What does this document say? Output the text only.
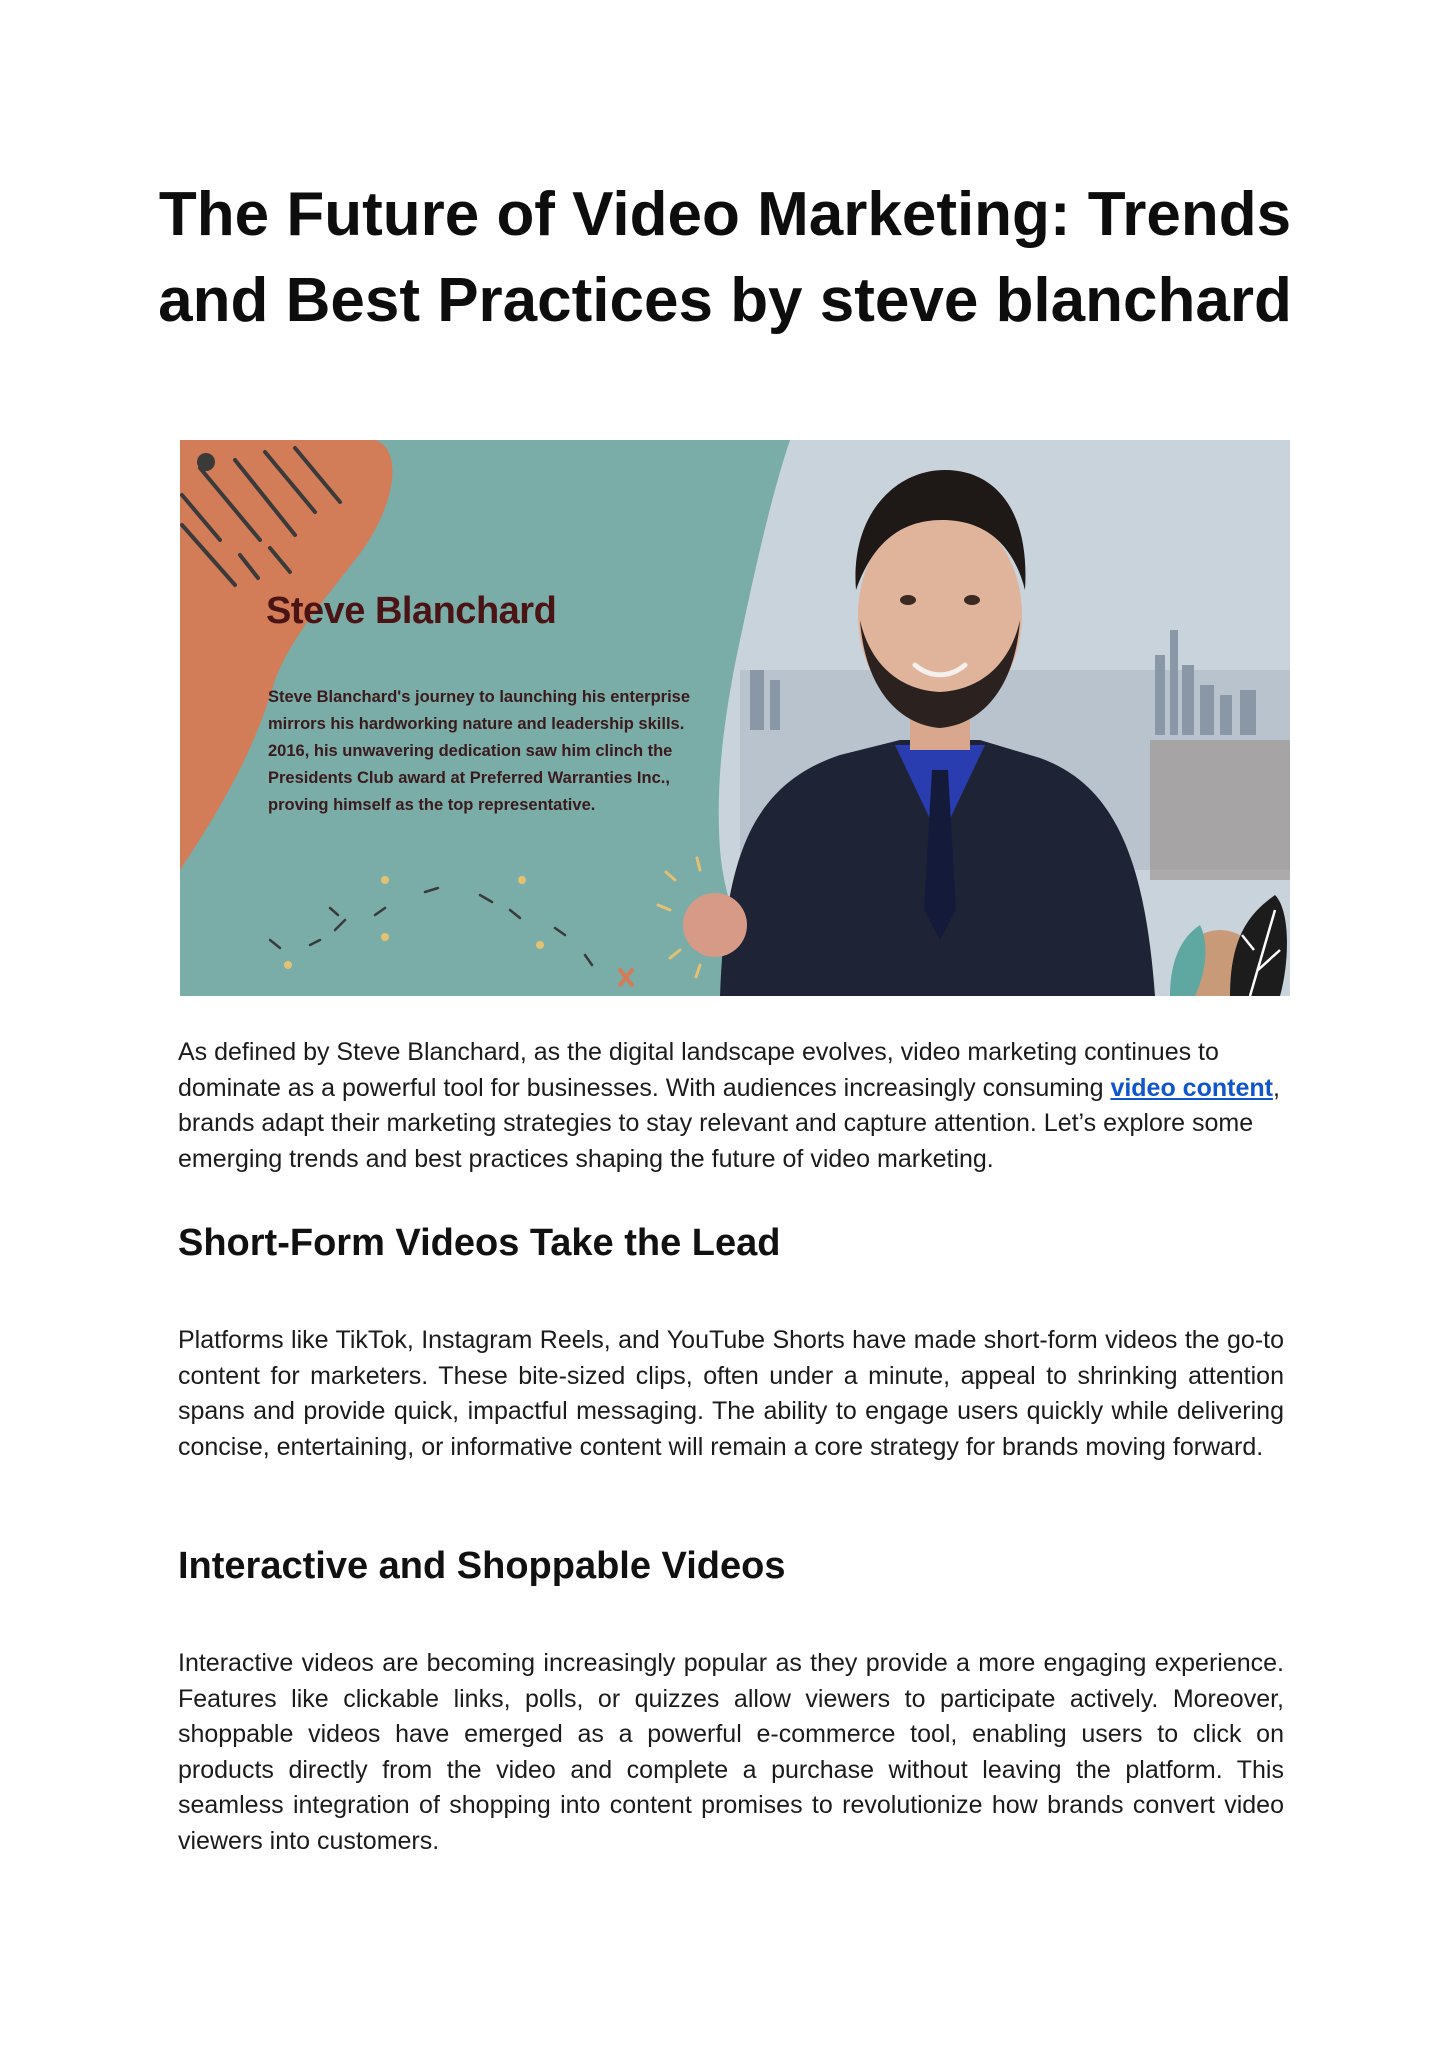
The Future of Video Marketing: Trends and Best Practices by steve blanchard
Steve Blanchard
Steve Blanchard's journey to launching his enterprise mirrors his hardworking nature and leadership skills. 2016, his unwavering dedication saw him clinch the Presidents Club award at Preferred Warranties Inc., proving himself as the top representative.

As defined by Steve Blanchard, as the digital landscape evolves, video marketing continues to dominate as a powerful tool for businesses. With audiences increasingly consuming video content, brands adapt their marketing strategies to stay relevant and capture attention. Let’s explore some emerging trends and best practices shaping the future of video marketing.

Short-Form Videos Take the Lead

Platforms like TikTok, Instagram Reels, and YouTube Shorts have made short-form videos the go-to content for marketers. These bite-sized clips, often under a minute, appeal to shrinking attention spans and provide quick, impactful messaging. The ability to engage users quickly while delivering concise, entertaining, or informative content will remain a core strategy for brands moving forward.

Interactive and Shoppable Videos

Interactive videos are becoming increasingly popular as they provide a more engaging experience. Features like clickable links, polls, or quizzes allow viewers to participate actively. Moreover, shoppable videos have emerged as a powerful e-commerce tool, enabling users to click on products directly from the video and complete a purchase without leaving the platform. This seamless integration of shopping into content promises to revolutionize how brands convert video viewers into customers.
